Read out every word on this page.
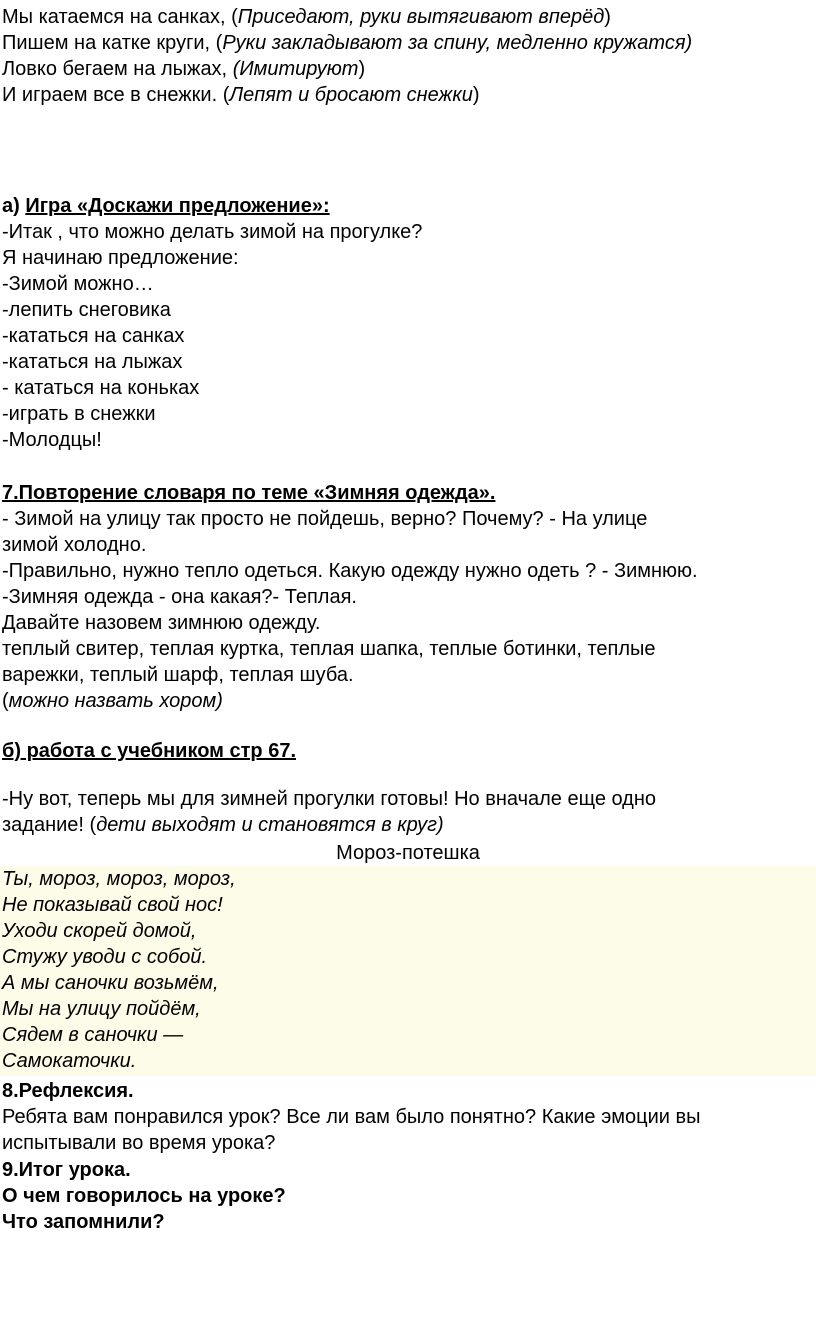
Мы катаемся на санках, (Приседают, руки вытягивают вперёд)
Пишем на катке круги, (Руки закладывают за спину, медленно кружатся)
Ловко бегаем на лыжах, (Имитируют)
И играем все в снежки. (Лепят и бросают снежки)
а) Игра «Доскажи предложение»:
-Итак , что можно делать зимой на прогулке?
Я начинаю предложение:
-Зимой можно…
-лепить снеговика
-кататься на санках
-кататься на лыжах
- кататься на коньках
-играть в снежки
-Молодцы!
7.Повторение словаря по теме «Зимняя одежда».
- Зимой на улицу так просто не пойдешь, верно? Почему? - На улице
зимой холодно.
-Правильно, нужно тепло одеться. Какую одежду нужно одеть ? - Зимнюю.
-Зимняя одежда - она какая?- Теплая.
Давайте назовем зимнюю одежду.
теплый свитер, теплая куртка, теплая шапка, теплые ботинки, теплые
варежки, теплый шарф, теплая шуба.
(можно назвать хором)
б) работа с учебником стр 67.
-Ну вот, теперь мы для зимней прогулки готовы! Но вначале еще одно
задание! (дети выходят и становятся в круг)
Мороз-потешка
Ты, мороз, мороз, мороз,
Не показывай свой нос!
Уходи скорей домой,
Стужу уводи с собой.
А мы саночки возьмём,
Мы на улицу пойдём,
Сядем в саночки —
Самокаточки.
8.Рефлексия.
Ребята вам понравился урок? Все ли вам было понятно? Какие эмоции вы
испытывали во время урока?
9.Итог урока.
О чем говорилось на уроке?
Что запомнили?
